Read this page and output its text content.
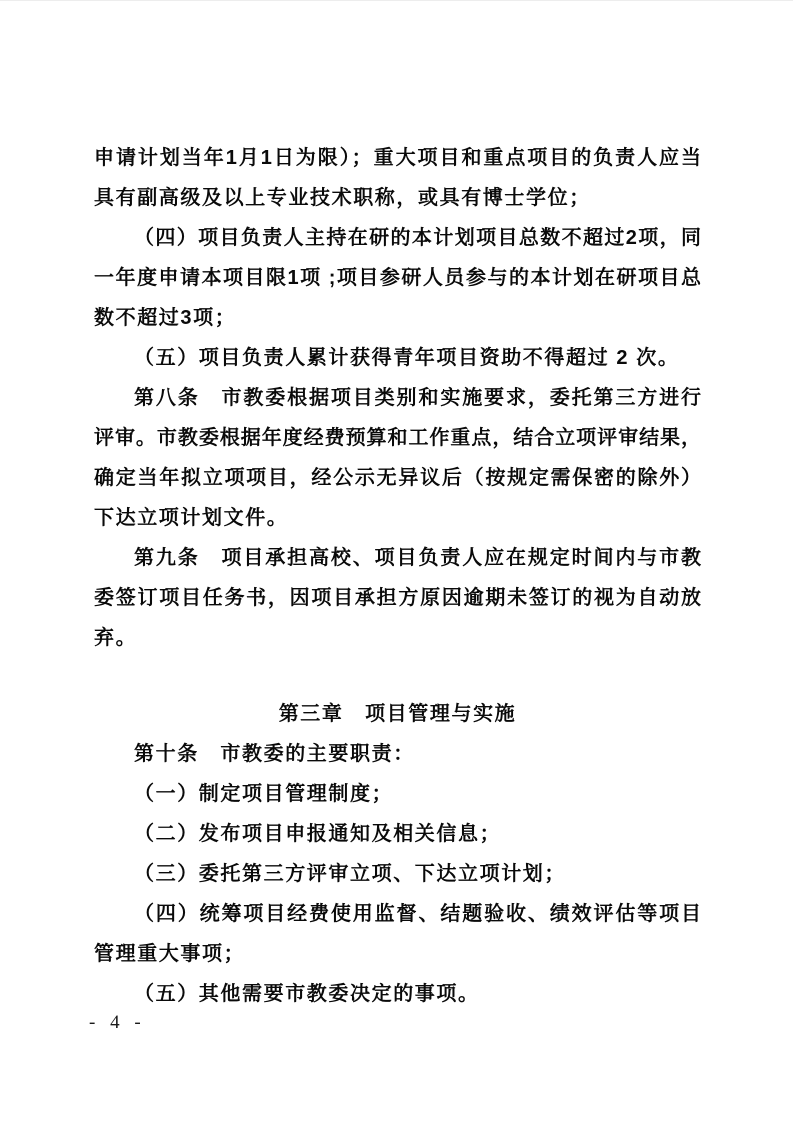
申请计划当年1月1日为限）；重大项目和重点项目的负责人应当
具有副高级及以上专业技术职称，或具有博士学位；
（四）项目负责人主持在研的本计划项目总数不超过2项，同
一年度申请本项目限1项 ;项目参研人员参与的本计划在研项目总
数不超过3项；
（五）项目负责人累计获得青年项目资助不得超过 2 次。
第八条　市教委根据项目类别和实施要求，委托第三方进行
评审。市教委根据年度经费预算和工作重点，结合立项评审结果，
确定当年拟立项项目，经公示无异议后（按规定需保密的除外）
下达立项计划文件。
第九条　项目承担高校、项目负责人应在规定时间内与市教
委签订项目任务书，因项目承担方原因逾期未签订的视为自动放
弃。
第三章　项目管理与实施
第十条　市教委的主要职责：
（一）制定项目管理制度；
（二）发布项目申报通知及相关信息；
（三）委托第三方评审立项、下达立项计划；
（四）统筹项目经费使用监督、结题验收、绩效评估等项目
管理重大事项；
（五）其他需要市教委决定的事项。
- 4 -
